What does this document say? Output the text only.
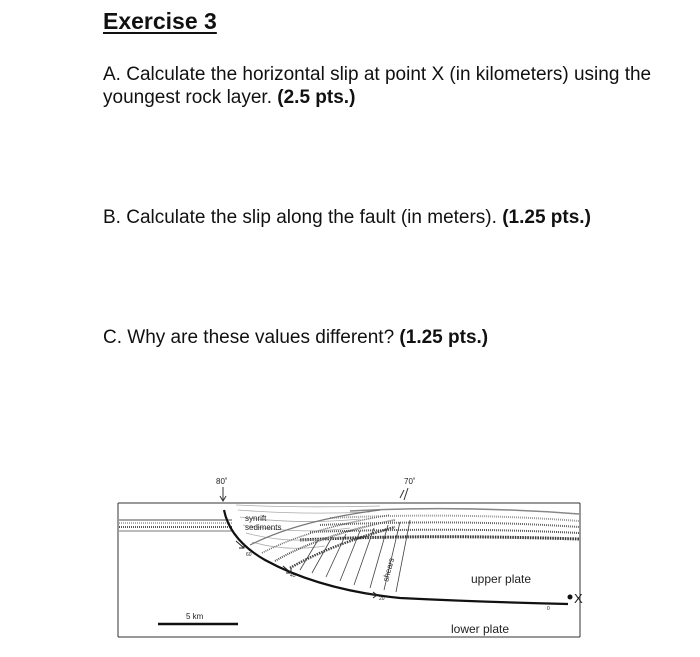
Exercise 3
A. Calculate the horizontal slip at point X (in kilometers) using the youngest rock layer. (2.5 pts.)
B. Calculate the slip along the fault (in meters). (1.25 pts.)
C. Why are these values different? (1.25 pts.)
80˚	70˚
synrift
sediments
60
45
20
0
shears	upper plate
lower plate
X
5 km
